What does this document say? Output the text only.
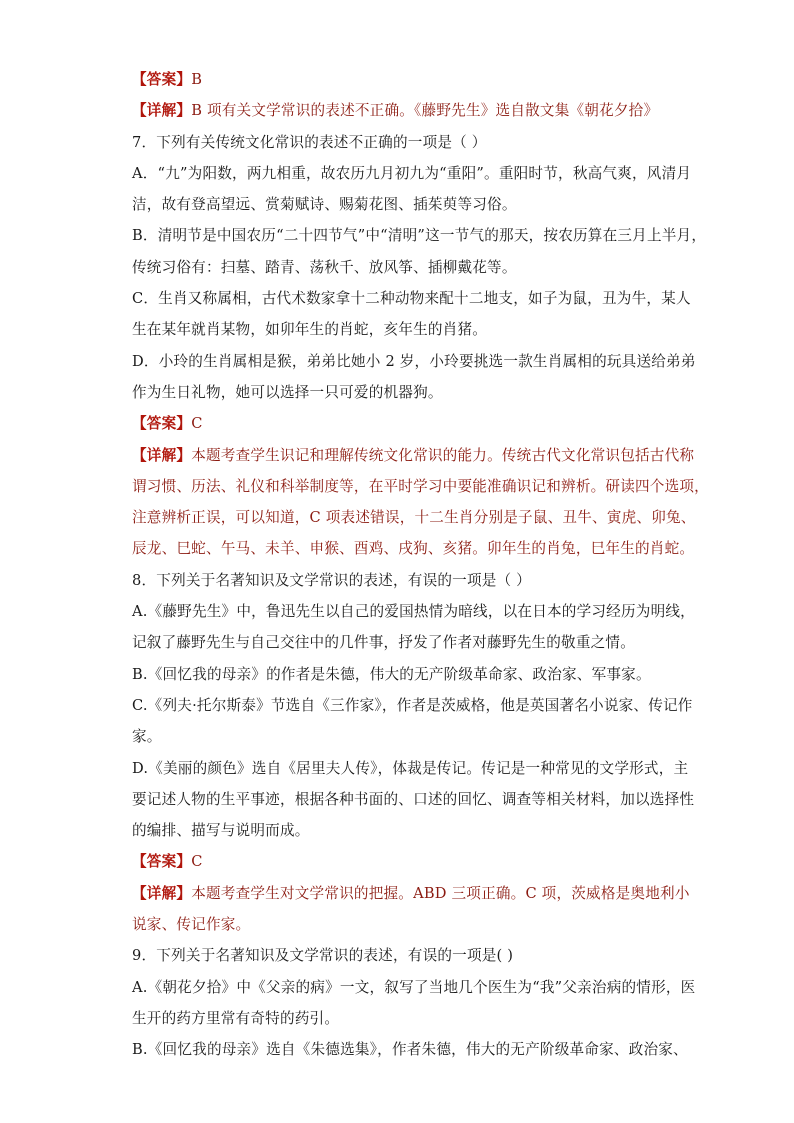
【答案】B
【详解】B 项有关文学常识的表述不正确。《藤野先生》选自散文集《朝花夕拾》
7．下列有关传统文化常识的表述不正确的一项是（ ）
A．“九”为阳数，两九相重，故农历九月初九为“重阳”。重阳时节，秋高气爽，风清月
洁，故有登高望远、赏菊赋诗、赐菊花图、插茱萸等习俗。
B．清明节是中国农历“二十四节气”中“清明”这一节气的那天，按农历算在三月上半月，
传统习俗有：扫墓、踏青、荡秋千、放风筝、插柳戴花等。
C．生肖又称属相，古代术数家拿十二种动物来配十二地支，如子为鼠，丑为牛，某人
生在某年就肖某物，如卯年生的肖蛇，亥年生的肖猪。
D．小玲的生肖属相是猴，弟弟比她小 2 岁，小玲要挑选一款生肖属相的玩具送给弟弟
作为生日礼物，她可以选择一只可爱的机器狗。
【答案】C
【详解】本题考查学生识记和理解传统文化常识的能力。传统古代文化常识包括古代称
谓习惯、历法、礼仪和科举制度等，在平时学习中要能准确识记和辨析。研读四个选项，
注意辨析正误，可以知道，C 项表述错误，十二生肖分别是子鼠、丑牛、寅虎、卯兔、
辰龙、巳蛇、午马、未羊、申猴、酉鸡、戌狗、亥猪。卯年生的肖兔，巳年生的肖蛇。
8．下列关于名著知识及文学常识的表述，有误的一项是（ ）
A.《藤野先生》中，鲁迅先生以自己的爱国热情为暗线，以在日本的学习经历为明线，
记叙了藤野先生与自己交往中的几件事，抒发了作者对藤野先生的敬重之情。
B.《回忆我的母亲》的作者是朱德，伟大的无产阶级革命家、政治家、军事家。
C.《列夫·托尔斯泰》节选自《三作家》，作者是茨威格，他是英国著名小说家、传记作
家。
D.《美丽的颜色》选自《居里夫人传》，体裁是传记。传记是一种常见的文学形式，主
要记述人物的生平事迹，根据各种书面的、口述的回忆、调查等相关材料，加以选择性
的编排、描写与说明而成。
【答案】C
【详解】本题考查学生对文学常识的把握。ABD 三项正确。C 项，茨威格是奥地利小
说家、传记作家。
9．下列关于名著知识及文学常识的表述，有误的一项是( )
A.《朝花夕拾》中《父亲的病》一文，叙写了当地几个医生为“我”父亲治病的情形，医
生开的药方里常有奇特的药引。
B.《回忆我的母亲》选自《朱德选集》，作者朱德，伟大的无产阶级革命家、政治家、
